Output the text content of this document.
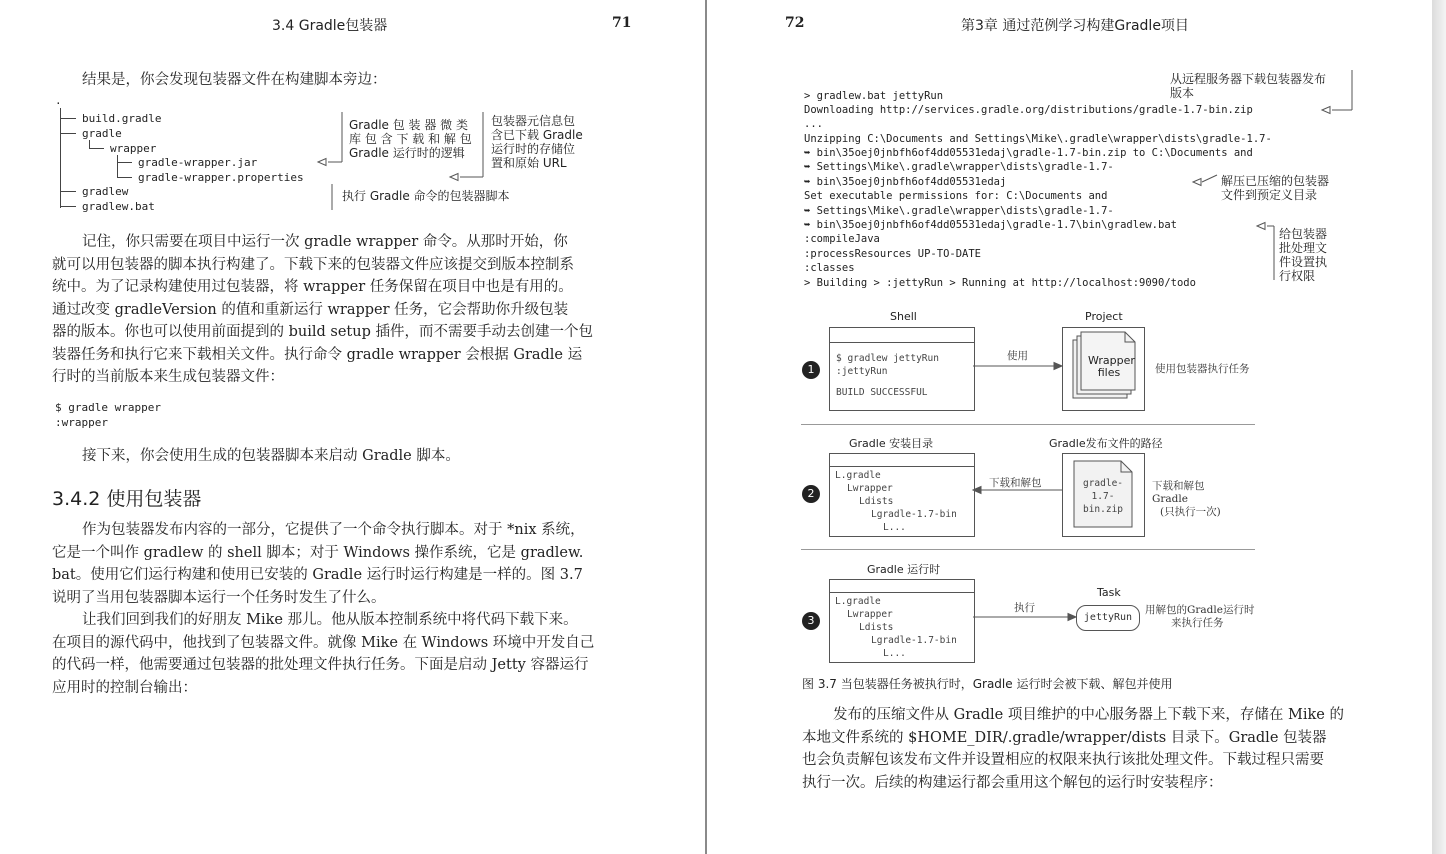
3.4 Gradle包装器	71
结果是，你会发现包装器文件在构建脚本旁边：
.
build.gradle
gradle
wrapper
gradle-wrapper.jar
gradle-wrapper.properties
gradlew
gradlew.bat
Gradle 包 装 器 微 类
库 包 含 下 载 和 解 包
Gradle 运行时的逻辑
包装器元信息包
含已下载 Gradle
运行时的存储位
置和原始 URL
执行 Gradle 命令的包装器脚本
记住，你只需要在项目中运行一次 gradle wrapper 命令。从那时开始，你
就可以用包装器的脚本执行构建了。下载下来的包装器文件应该提交到版本控制系
统中。为了记录构建使用过包装器，将 wrapper 任务保留在项目中也是有用的。
通过改变 gradleVersion 的值和重新运行 wrapper 任务，它会帮助你升级包装
器的版本。你也可以使用前面提到的 build setup 插件，而不需要手动去创建一个包
装器任务和执行它来下载相关文件。执行命令 gradle wrapper 会根据 Gradle 运
行时的当前版本来生成包装器文件：
$ gradle wrapper
:wrapper
接下来，你会使用生成的包装器脚本来启动 Gradle 脚本。
3.4.2 使用包装器
作为包装器发布内容的一部分，它提供了一个命令执行脚本。对于 *nix 系统，
它是一个叫作 gradlew 的 shell 脚本；对于 Windows 操作系统，它是 gradlew.
bat。使用它们运行构建和使用已安装的 Gradle 运行时运行构建是一样的。图 3.7
说明了当用包装器脚本运行一个任务时发生了什么。
让我们回到我们的好朋友 Mike 那儿。他从版本控制系统中将代码下载下来。
在项目的源代码中，他找到了包装器文件。就像 Mike 在 Windows 环境中开发自己
的代码一样，他需要通过包装器的批处理文件执行任务。下面是启动 Jetty 容器运行
应用时的控制台输出：
72	第3章 通过范例学习构建Gradle项目
> gradlew.bat jettyRun
Downloading http://services.gradle.org/distributions/gradle-1.7-bin.zip
...
Unzipping C:\Documents and Settings\Mike\.gradle\wrapper\dists\gradle-1.7-
➥ bin\35oej0jnbfh6of4dd05531edaj\gradle-1.7-bin.zip to C:\Documents and
➥ Settings\Mike\.gradle\wrapper\dists\gradle-1.7-
➥ bin\35oej0jnbfh6of4dd05531edaj
Set executable permissions for: C:\Documents and
➥ Settings\Mike\.gradle\wrapper\dists\gradle-1.7-
➥ bin\35oej0jnbfh6of4dd05531edaj\gradle-1.7\bin\gradlew.bat
:compileJava
:processResources UP-TO-DATE
:classes
> Building > :jettyRun > Running at http://localhost:9090/todo
从远程服务器下载包装器发布
版本
解压已压缩的包装器
文件到预定义目录
给包装器
批处理文
件设置执
行权限
1
Shell
$ gradlew jettyRun
:jettyRun
BUILD SUCCESSFUL
使用
Project
使用包装器执行任务
2
Gradle 安装目录
L.gradle
Lwrapper
Ldists
Lgradle-1.7-bin
L...
下载和解包
Gradle发布文件的路径
下载和解包Gradle
(只执行一次)
3
Gradle 运行时
L.gradle
Lwrapper
Ldists
Lgradle-1.7-bin
L...
执行
Task
jettyRun
用解包的Gradle运行时
来执行任务
Wrapper
files
gradle-
1.7-
bin.zip
图 3.7 当包装器任务被执行时，Gradle 运行时会被下载、解包并使用
发布的压缩文件从 Gradle 项目维护的中心服务器上下载下来，存储在 Mike 的
本地文件系统的 $HOME_DIR/.gradle/wrapper/dists 目录下。Gradle 包装器
也会负责解包该发布文件并设置相应的权限来执行该批处理文件。下载过程只需要
执行一次。后续的构建运行都会重用这个解包的运行时安装程序：
